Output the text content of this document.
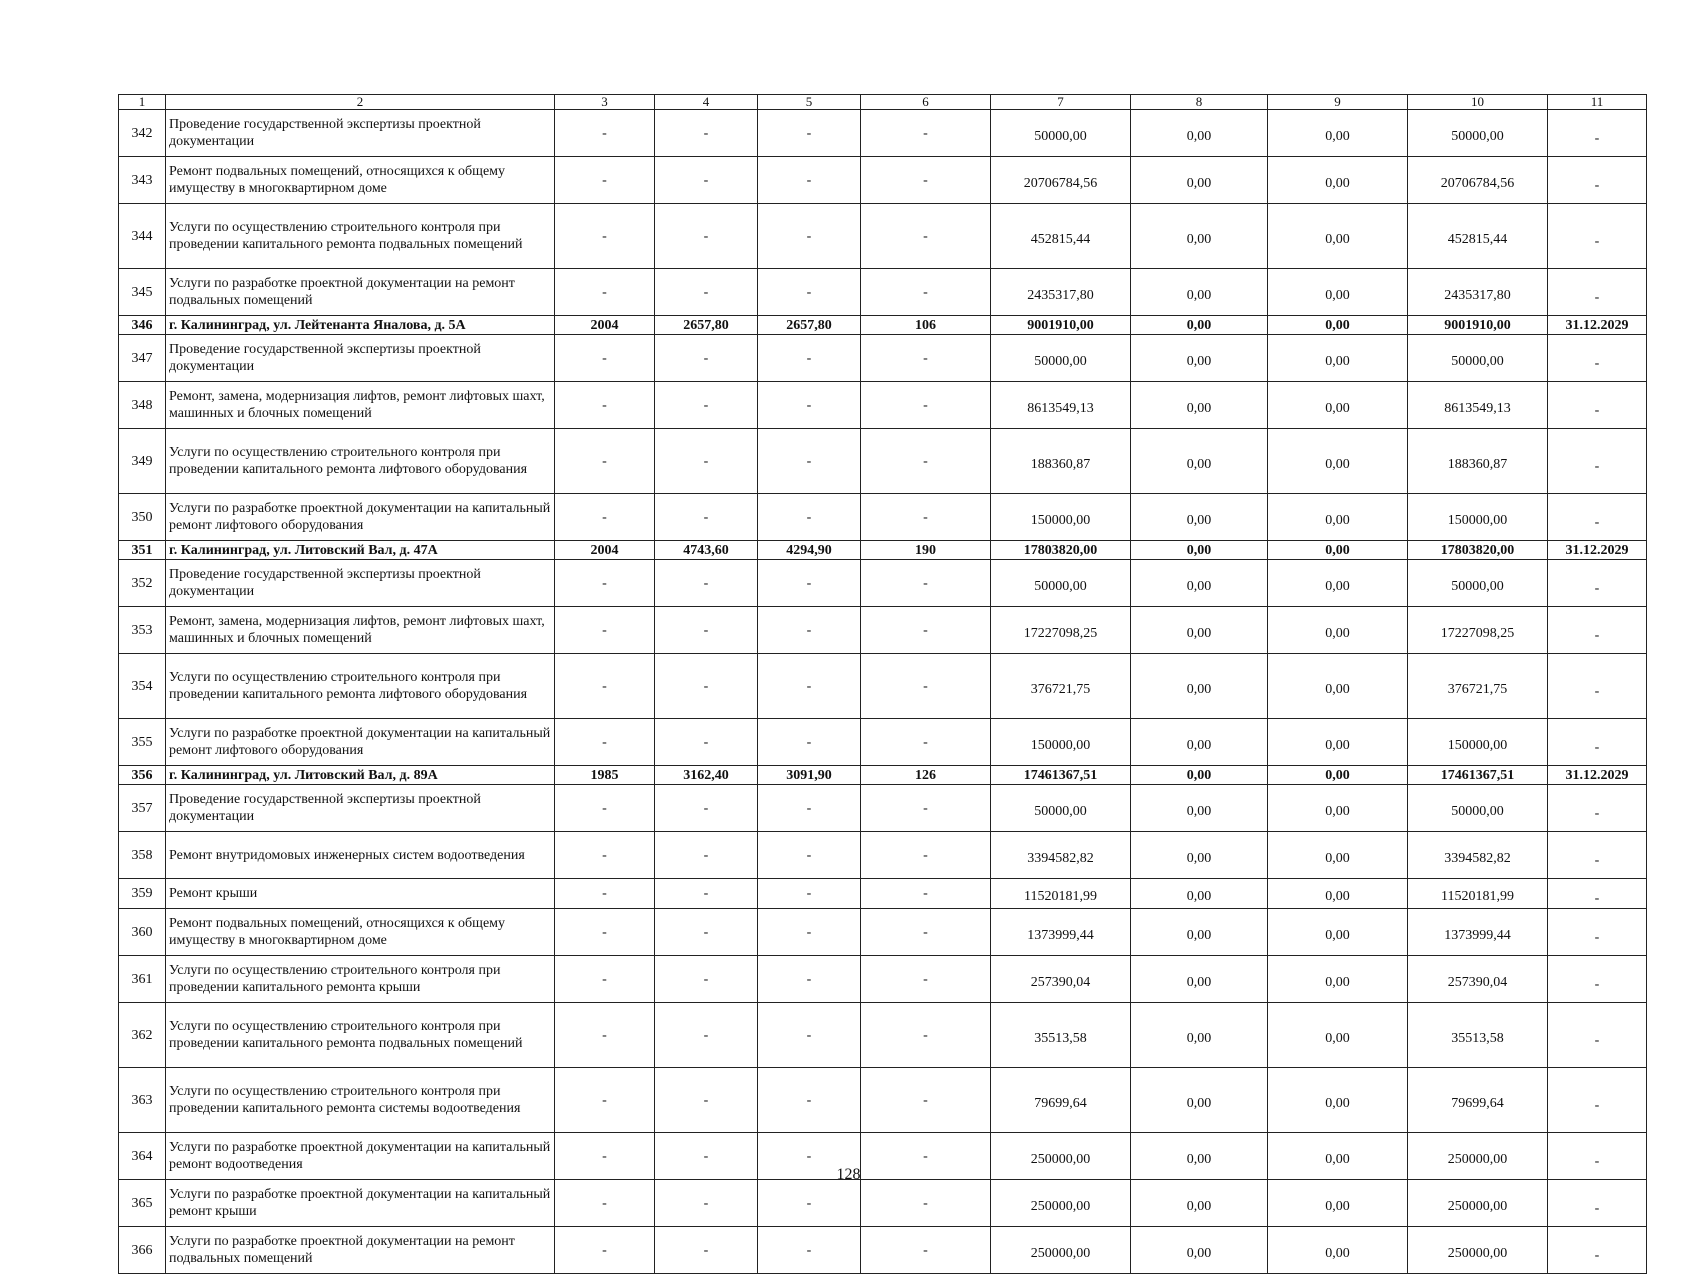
1	2	3	4	5	6	7	8	9	10	11
342	Проведение государственной экспертизы проектной документации	-	-	-	-	50000,00	0,00	0,00	50000,00	-
343	Ремонт подвальных помещений, относящихся к общему имуществу в многоквартирном доме	-	-	-	-	20706784,56	0,00	0,00	20706784,56	-
344	Услуги по осуществлению строительного контроля при проведении капитального ремонта подвальных помещений	-	-	-	-	452815,44	0,00	0,00	452815,44	-
345	Услуги по разработке проектной документации на ремонт подвальных помещений	-	-	-	-	2435317,80	0,00	0,00	2435317,80	-
346	г. Калининград, ул. Лейтенанта Яналова, д. 5А	2004	2657,80	2657,80	106	9001910,00	0,00	0,00	9001910,00	31.12.2029
347	Проведение государственной экспертизы проектной документации	-	-	-	-	50000,00	0,00	0,00	50000,00	-
348	Ремонт, замена, модернизация лифтов, ремонт лифтовых шахт, машинных и блочных помещений	-	-	-	-	8613549,13	0,00	0,00	8613549,13	-
349	Услуги по осуществлению строительного контроля при проведении капитального ремонта лифтового оборудования	-	-	-	-	188360,87	0,00	0,00	188360,87	-
350	Услуги по разработке проектной документации на капитальный ремонт лифтового оборудования	-	-	-	-	150000,00	0,00	0,00	150000,00	-
351	г. Калининград, ул. Литовский Вал, д. 47А	2004	4743,60	4294,90	190	17803820,00	0,00	0,00	17803820,00	31.12.2029
352	Проведение государственной экспертизы проектной документации	-	-	-	-	50000,00	0,00	0,00	50000,00	-
353	Ремонт, замена, модернизация лифтов, ремонт лифтовых шахт, машинных и блочных помещений	-	-	-	-	17227098,25	0,00	0,00	17227098,25	-
354	Услуги по осуществлению строительного контроля при проведении капитального ремонта лифтового оборудования	-	-	-	-	376721,75	0,00	0,00	376721,75	-
355	Услуги по разработке проектной документации на капитальный ремонт лифтового оборудования	-	-	-	-	150000,00	0,00	0,00	150000,00	-
356	г. Калининград, ул. Литовский Вал, д. 89А	1985	3162,40	3091,90	126	17461367,51	0,00	0,00	17461367,51	31.12.2029
357	Проведение государственной экспертизы проектной документации	-	-	-	-	50000,00	0,00	0,00	50000,00	-
358	Ремонт внутридомовых инженерных систем водоотведения	-	-	-	-	3394582,82	0,00	0,00	3394582,82	-
359	Ремонт крыши	-	-	-	-	11520181,99	0,00	0,00	11520181,99	-
360	Ремонт подвальных помещений, относящихся к общему имуществу в многоквартирном доме	-	-	-	-	1373999,44	0,00	0,00	1373999,44	-
361	Услуги по осуществлению строительного контроля при проведении капитального ремонта крыши	-	-	-	-	257390,04	0,00	0,00	257390,04	-
362	Услуги по осуществлению строительного контроля при проведении капитального ремонта подвальных помещений	-	-	-	-	35513,58	0,00	0,00	35513,58	-
363	Услуги по осуществлению строительного контроля при проведении капитального ремонта системы водоотведения	-	-	-	-	79699,64	0,00	0,00	79699,64	-
364	Услуги по разработке проектной документации на капитальный ремонт водоотведения	-	-	-	-	250000,00	0,00	0,00	250000,00	-
365	Услуги по разработке проектной документации на капитальный ремонт крыши	-	-	-	-	250000,00	0,00	0,00	250000,00	-
366	Услуги по разработке проектной документации на ремонт подвальных помещений	-	-	-	-	250000,00	0,00	0,00	250000,00	-
128
